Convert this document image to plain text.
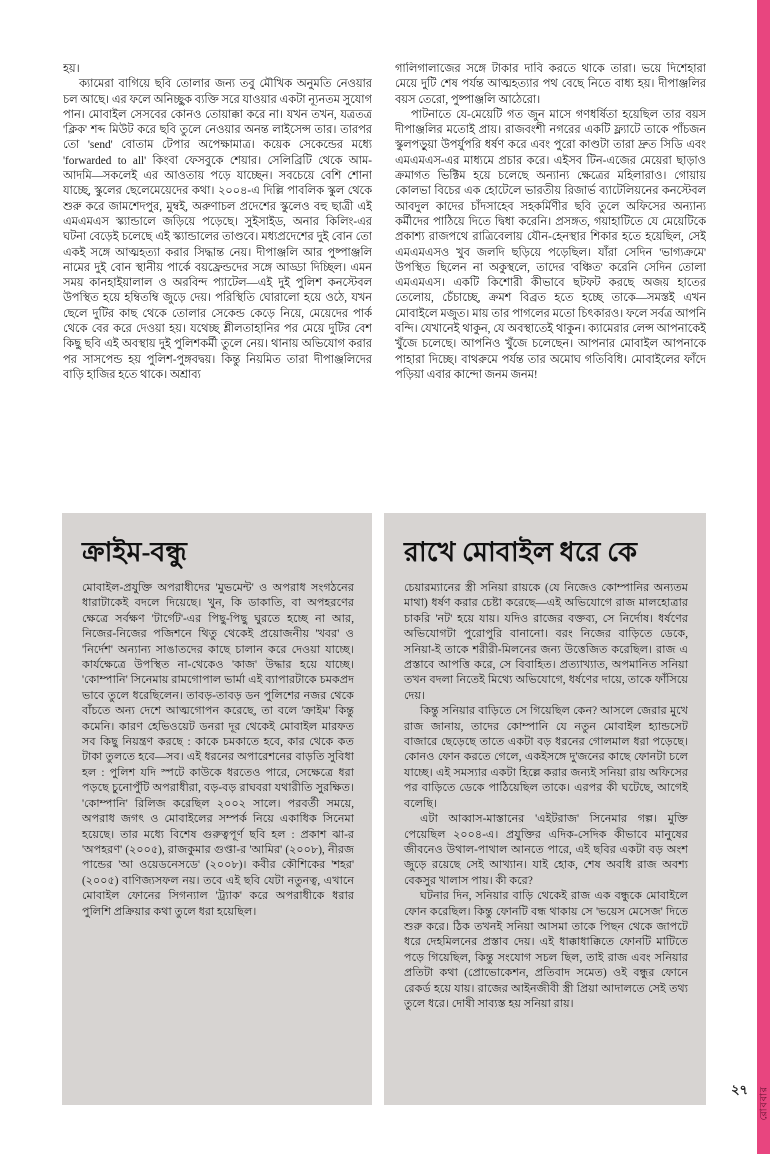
হয়।

ক্যামেরা বাগিয়ে ছবি তোলার জন্য তবু মৌখিক অনুমতি নেওয়ার চল আছে। এর ফলে অনিচ্ছুক ব্যক্তি সরে যাওয়ার একটা ন্যূনতম সুযোগ পান। মোবাইল সেসবের কোনও তোয়াক্কা করে না। যখন তখন, যত্রতত্র 'ক্লিক' শব্দ মিউট করে ছবি তুলে নেওয়ার অনন্ত লাইসেন্স তার। তারপর তো 'send' বোতাম টেপার অপেক্ষামাত্র। কয়েক সেকেন্ডের মধ্যে 'forwarded to all' কিংবা ফেসবুকে শেয়ার। সেলিব্রিটি থেকে আম-আদমি—সকলেই এর আওতায় পড়ে যাচ্ছেন। সবচেয়ে বেশি শোনা যাচ্ছে, স্কুলের ছেলেমেয়েদের কথা। ২০০৪-এ দিল্লি পাবলিক স্কুল থেকে শুরু করে জামশেদপুর, মুম্বই, অরুণাচল প্রদেশের স্কুলেও বহু ছাত্রী এই এমএমএস স্ক্যান্ডালে জড়িয়ে পড়েছে। সুইসাইড, অনার কিলিং-এর ঘটনা বেড়েই চলেছে এই স্ক্যান্ডালের তাণ্ডবে। মধ্যপ্রদেশের দুই বোন তো একই সঙ্গে আত্মহত্যা করার সিদ্ধান্ত নেয়। দীপাঞ্জলি আর পুষ্পাঞ্জলি নামের দুই বোন স্থানীয় পার্কে বয়ফ্রেন্ডদের সঙ্গে আড্ডা দিচ্ছিল। এমন সময় কানহাইয়ালাল ও অরবিন্দ প্যাটেল—এই দুই পুলিশ কনস্টেবল উপস্থিত হয়ে হম্বিতম্বি জুড়ে দেয়। পরিস্থিতি ঘোরালো হয়ে ওঠে, যখন ছেলে দুটির কাছ থেকে তোলার সেকেন্ড কেড়ে নিয়ে, মেয়েদের পার্ক থেকে বের করে দেওয়া হয়। যথেচ্ছ শ্লীলতাহানির পর মেয়ে দুটির বেশ কিছু ছবি এই অবস্থায় দুই পুলিশকর্মী তুলে নেয়। থানায় অভিযোগ করার পর সাসপেন্ড হয় পুলিশ-পুঙ্গবদ্বয়। কিন্তু নিয়মিত তারা দীপাঞ্জলিদের বাড়ি হাজির হতে থাকে। অশ্রাব্য

গালিগালাজের সঙ্গে টাকার দাবি করতে থাকে তারা। ভয়ে দিশেহারা মেয়ে দুটি শেষ পর্যন্ত আত্মহত্যার পথ বেছে নিতে বাধ্য হয়। দীপাঞ্জলির বয়স তেরো, পুষ্পাঞ্জলি আঠেরো।

পাটনাতে যে-মেয়েটি গত জুন মাসে গণধর্ষিতা হয়েছিল তার বয়স দীপাঞ্জলির মতোই প্রায়। রাজবংশী নগরের একটি ফ্ল্যাটে তাকে পাঁচজন স্কুলপড়ুয়া উপর্যুপরি ধর্ষণ করে এবং পুরো কাণ্ডটা তারা দ্রুত সিডি এবং এমএমএস-এর মাধ্যমে প্রচার করে। এইসব টিন-এজের মেয়েরা ছাড়াও ক্রমাগত ভিক্টিম হয়ে চলেছে অন্যান্য ক্ষেত্রের মহিলারাও। গোয়ায় কোলভা বিচের এক হোটেলে ভারতীয় রিজার্ভ ব্যাটেলিয়নের কনস্টেবল আবদুল কাদের চাঁদসাহেব সহকর্মিণীর ছবি তুলে অফিসের অন্যান্য কর্মীদের পাঠিয়ে দিতে দ্বিধা করেনি। প্রসঙ্গত, গয়াহাটিতে যে মেয়েটিকে প্রকাশ্য রাজপথে রাত্রিবেলায় যৌন-হেনস্থার শিকার হতে হয়েছিল, সেই এমএমএসও খুব জলদি ছড়িয়ে পড়েছিল। যাঁরা সেদিন 'ভাগ্যক্রমে' উপস্থিত ছিলেন না অকুস্থলে, তাদের 'বঞ্চিত' করেনি সেদিন তোলা এমএমএস। একটি কিশোরী কীভাবে ছটফট করছে অজয় হাতের তেলোয়, চেঁচাচ্ছে, ক্রমশ বিব্রত হতে হচ্ছে তাকে—সমস্তই এখন মোবাইলে মজুত। মায় তার পাগলের মতো চিৎকারও। ফলে সর্বত্র আপনি বন্দি। যেখানেই থাকুন, যে অবস্থাতেই থাকুন। ক্যামেরার লেন্স আপনাকেই খুঁজে চলেছে। আপনিও খুঁজে চলেছেন। আপনার মোবাইল আপনাকে পাহারা দিচ্ছে। বাথরুমে পর্যন্ত তার অমোঘ গতিবিধি। মোবাইলের ফাঁদে পড়িয়া এবার কান্দো জনম জনম!

ক্রাইম-বন্ধু

মোবাইল-প্রযুক্তি অপরাধীদের 'মুভমেন্ট' ও অপরাধ সংগঠনের ধারাটাকেই বদলে দিয়েছে। খুন, কি ডাকাতি, বা অপহরণের ক্ষেত্রে সর্বক্ষণ 'টার্গেট'-এর পিছু-পিছু ঘুরতে হচ্ছে না আর, নিজের-নিজের পজিশনে থিতু থেকেই প্রয়োজনীয় 'খবর' ও 'নির্দেশ' অন্যান্য সাঙাতদের কাছে চালান করে দেওয়া যাচ্ছে। কার্যক্ষেত্রে উপস্থিত না-থেকেও 'কাজ' উদ্ধার হয়ে যাচ্ছে। 'কোম্পানি' সিনেমায় রামগোপাল ভার্মা এই ব্যাপারটাকে চমকপ্রদ ভাবে তুলে ধরেছিলেন। তাবড়-তাবড় ডন পুলিশের নজর থেকে বাঁচতে অন্য দেশে আত্মগোপন করেছে, তা বলে 'ক্রাইম' কিন্তু কমেনি। কারণ হেভিওয়েট ডনরা দূর থেকেই মোবাইল মারফত সব কিছু নিয়ন্ত্রণ করছে : কাকে চমকাতে হবে, কার থেকে কত টাকা তুলতে হবে—সব। এই ধরনের অপারেশনের বাড়তি সুবিধা হল : পুলিশ যদি স্পটে কাউকে ধরতেও পারে, সেক্ষেত্রে ধরা পড়ছে চুনোপুঁটি অপরাধীরা, বড়-বড় রাঘবরা যথারীতি সুরক্ষিত। 'কোম্পানি' রিলিজ করেছিল ২০০২ সালে। পরবর্তী সময়ে, অপরাধ জগৎ ও মোবাইলের সম্পর্ক নিয়ে একাধিক সিনেমা হয়েছে। তার মধ্যে বিশেষ গুরুত্বপূর্ণ ছবি হল : প্রকাশ ঝা-র 'অপহরণ' (২০০৫), রাজকুমার গুপ্তা-র 'আমির' (২০০৮), নীরজ পান্ডের 'আ ওয়েডনেসডে' (২০০৮)। কবীর কৌশিকের 'শহর' (২০০৫) বাণিজ্যসফল নয়। তবে এই ছবি যেটা নতুনত্ব, এখানে মোবাইল ফোনের সিগন্যাল 'ট্র্যাক' করে অপরাধীকে ধরার পুলিশি প্রক্রিয়ার কথা তুলে ধরা হয়েছিল।

রাখে মোবাইল ধরে কে

চেয়ারম্যানের স্ত্রী সনিয়া রায়কে (যে নিজেও কোম্পানির অন্যতম মাথা) ধর্ষণ করার চেষ্টা করেছে—এই অভিযোগে রাজ মালহোত্রার চাকরি 'নট' হয়ে যায়। যদিও রাজের বক্তব্য, সে নির্দোষ। ধর্ষণের অভিযোগটা পুরোপুরি বানানো। বরং নিজের বাড়িতে ডেকে, সনিয়া-ই তাকে শরীরী-মিলনের জন্য উত্তেজিত করেছিল। রাজ এ প্রস্তাবে আপত্তি করে, সে বিবাহিত। প্রত্যাখ্যাত, অপমানিত সনিয়া তখন বদলা নিতেই মিথ্যে অভিযোগে, ধর্ষণের দায়ে, তাকে ফাঁসিয়ে দেয়।

কিন্তু সনিয়ার বাড়িতে সে গিয়েছিল কেন? আসলে জেরার মুখে রাজ জানায়, তাদের কোম্পানি যে নতুন মোবাইল হ্যান্ডসেট বাজারে ছেড়েছে তাতে একটা বড় ধরনের গোলমাল ধরা পড়েছে। কোনও ফোন করতে গেলে, একইসঙ্গে দু'জনের কাছে ফোনটা চলে যাচ্ছে। এই সমস্যার একটা হিল্লে করার জন্যই সনিয়া রায় অফিসের পর বাড়িতে ডেকে পাঠিয়েছিল তাকে। এরপর কী ঘটেছে, আগেই বলেছি।

এটা আব্বাস-মাস্তানের 'এইটরাজ' সিনেমার গল্প। মুক্তি পেয়েছিল ২০০৪-এ। প্রযুক্তির এদিক-সেদিক কীভাবে মানুষের জীবনেও উথাল-পাথাল আনতে পারে, এই ছবির একটা বড় অংশ জুড়ে রয়েছে সেই আখ্যান। যাই হোক, শেষ অবধি রাজ অবশ্য বেকসুর খালাস পায়। কী করে?

ঘটনার দিন, সনিয়ার বাড়ি থেকেই রাজ এক বন্ধুকে মোবাইলে ফোন করেছিল। কিন্তু ফোনটি বন্ধ থাকায় সে 'ভয়েস মেসেজ' দিতে শুরু করে। ঠিক তখনই সনিয়া আসমা তাকে পিছন থেকে জাপটে ধরে দেহমিলনের প্রস্তাব দেয়। এই ধাক্কাধাক্কিতে ফোনটি মাটিতে পড়ে গিয়েছিল, কিন্তু সংযোগ সচল ছিল, তাই রাজ এবং সনিয়ার প্রতিটা কথা (প্রোভোকেশন, প্রতিবাদ সমেত) ওই বন্ধুর ফোনে রেকর্ড হয়ে যায়। রাজের আইনজীবী স্ত্রী প্রিয়া আদালতে সেই তথ্য তুলে ধরে। দোষী সাব্যস্ত হয় সনিয়া রায়।

২৭ রোববার
